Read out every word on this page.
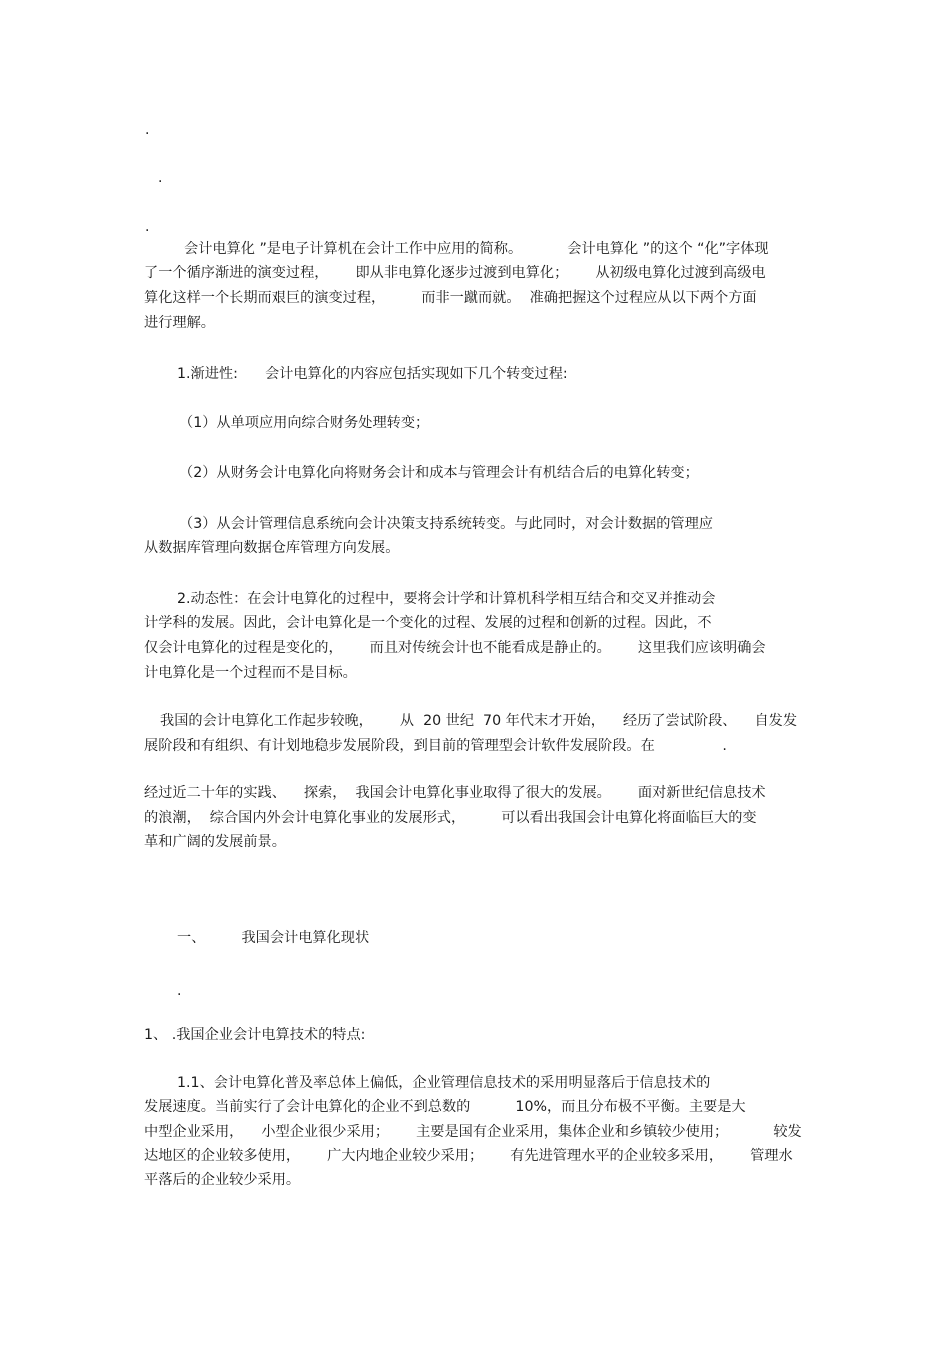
.
.
.
会计电算化 ”是电子计算机在会计工作中应用的简称。          会计电算化 ”的这个 “化”字体现
了一个循序渐进的演变过程，      即从非电算化逐步过渡到电算化；      从初级电算化过渡到高级电
算化这样一个长期而艰巨的演变过程，        而非一蹴而就。  准确把握这个过程应从以下两个方面
进行理解。
1.渐进性:      会计电算化的内容应包括实现如下几个转变过程:
（1）从单项应用向综合财务处理转变；
（2）从财务会计电算化向将财务会计和成本与管理会计有机结合后的电算化转变；
（3）从会计管理信息系统向会计决策支持系统转变。与此同时，对会计数据的管理应
从数据库管理向数据仓库管理方向发展。
2.动态性：在会计电算化的过程中，要将会计学和计算机科学相互结合和交叉并推动会
计学科的发展。因此，会计电算化是一个变化的过程、发展的过程和创新的过程。因此，不
仅会计电算化的过程是变化的，      而且对传统会计也不能看成是静止的。      这里我们应该明确会
计电算化是一个过程而不是目标。
我国的会计电算化工作起步较晚，      从  20 世纪  70 年代末才开始，    经历了尝试阶段、    自发发
展阶段和有组织、有计划地稳步发展阶段，到目前的管理型会计软件发展阶段。在               .
经过近二十年的实践、    探索，  我国会计电算化事业取得了很大的发展。      面对新世纪信息技术
的浪潮，  综合国内外会计电算化事业的发展形式，        可以看出我国会计电算化将面临巨大的变
革和广阔的发展前景。
一、        我国会计电算化现状
.
1、 .我国企业会计电算技术的特点:
1.1、会计电算化普及率总体上偏低，企业管理信息技术的采用明显落后于信息技术的
发展速度。当前实行了会计电算化的企业不到总数的          10%，而且分布极不平衡。主要是大
中型企业采用，    小型企业很少采用；      主要是国有企业采用，集体企业和乡镇较少使用；          较发
达地区的企业较多使用，      广大内地企业较少采用；      有先进管理水平的企业较多采用，      管理水
平落后的企业较少采用。
